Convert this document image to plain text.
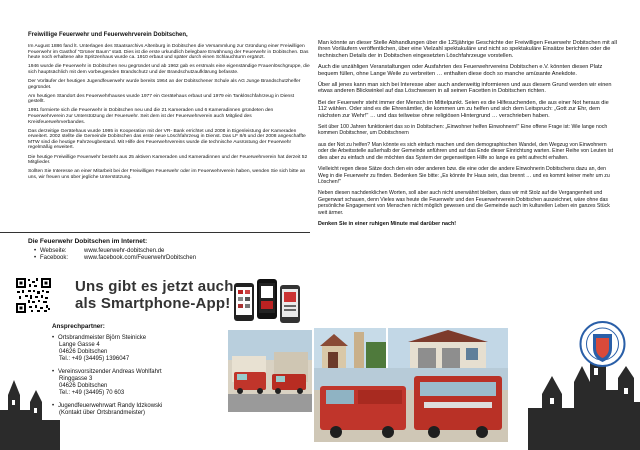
Freiwillige Feuerwehr und Feuerwehrverein Dobitschen,

Im August 1886 fand lt. Unterlagen des Staatsarchivs Altenburg in Dobitschen die Versammlung zur Gründung einer Freiwilligen Feuerwehr im Gasthof "Grüner Baum" statt. Dies ist die erste urkundlich belegbare Erwähnung der Feuerwehr in Dobitschen. Das heute noch erhaltene alte Spritzenhaus wurde ca. 1910 erbaut und später durch einen Schlauchturm ergänzt.

1946 wurde die Feuerwehr in Dobitschen neu gegründet und ab 1962 gab es erstmals eine eigenständige Frauenlöschgruppe, die sich hauptsächlich mit dem vorbeugenden Brandschutz und der Brandschutzaufklärung befasste.

Der Vorläufer der heutigen Jugendfeuerwehr wurde bereits 1964 an der Dobitschener Schule als AG Junge Brandschutzhelfer gegründet.

Am heutigen Standort des Feuerwehrhauses wurde 1977 ein Gerätehaus erbaut und 1979 ein Tanklöschfahrzeug in Dienst gestellt.

1991 formierte sich die Feuerwehr in Dobitschen neu und die 21 Kameraden und 6 Kameradinnen gründeten den Feuerwehrverein zur Unterstützung der Feuerwehr. Seit dem ist der Feuerwehrverein auch Mitglied des Kreisfeuerwehrverbandes.

Das derzeitige Gerätehaus wurde 1995 in Kooperation mit der VR- Bank errichtet und 2008 in Eigenleistung der Kameraden erweitert. 2002 stellte die Gemeinde Dobitschen das erste neue Löschfahrzeug in Dienst. Das LF 8/6 und der 2008 angeschaffte MTW sind die heutige Fahrzeugbestand. Mit Hilfe des Feuerwehrvereins wurde die technische Ausrüstung der Feuerwehr regelmäßig erweitert.

Die heutige Freiwillige Feuerwehr besteht aus 25 aktiven Kameraden und Kameradinnen und der Feuerwehrverein hat derzeit 52 Mitglieder.

Sollten Sie Interesse an einer Mitarbeit bei der Freiwilligen Feuerwehr oder im Feuerwehrverein haben, wenden Sie sich bitte an uns, wir freuen uns über jegliche Unterstützung.

Man könnte an dieser Stelle Abhandlungen über die 125jährige Geschichte der Freiwilligen Feuerwehr Dobitschen mit all ihren Vorläufern veröffentlichen, über eine Vielzahl spektakuläre und nicht so spektakuläre Einsätze berichten oder die technischen Details der in Dobitschen eingesetzten Löschfahrzeuge vorstellen.

Auch die unzähligen Veranstaltungen oder Ausfahrten des Feuerwehrvereins Dobitschen e.V. könnten diesen Platz bequem füllen, ohne Lange Weile zu verbreiten … enthalten diese doch so manche amüsante Anekdote.

Über all jenes kann man sich bei Interesse aber auch anderweitig informieren und aus diesem Grund werden wir einen etwas anderen Blickwinkel auf das Löschwesen in all seinen Facetten in Dobitschen richten.

Bei der Feuerwehr steht immer der Mensch im Mittelpunkt. Seien es die Hilfesuchenden, die aus einer Not heraus die 112 wählen. Oder sind es die Ehrenämtler, die kommen um zu helfen und sich dem Leitspruch: „Gott zur Ehr, dem nächsten zur Wehr!" … und das teilweise ohne religiösen Hintergrund … verschrieben haben.

Seit über 100 Jahren funktioniert das so in Dobitschen: „Einwohner helfen Einwohnern!" Eine offene Frage ist: Wie lange noch kommen Dobitschner, um Dobitschnern

aus der Not zu helfen? Man könnte es sich einfach machen und den demographischen Wandel, den Wegzug von Einwohnern oder die Arbeitsstelle außerhalb der Gemeinde anführen und auf das Ende dieser Einrichtung warten. Einer Reihe von Leuten ist dies aber zu einfach und die möchten das System der gegenseitigen Hilfe so lange es geht aufrecht erhalten.

Vielleicht regen diese Sätze doch den ein oder anderen bzw. die eine oder die andere Einwohnerin Dobitschens dazu an, den Weg in die Feuerwehr zu finden. Bedenken Sie bitte: „Es könnte Ihr Haus sein, das brennt … und es kommt keiner mehr um zu Löschen!"

Neben diesen nachdenklichen Worten, soll aber auch nicht unerwähnt bleiben, dass wir mit Stolz auf die Vergangenheit und Gegenwart schauen, denn Vieles was heute die Feuerwehr und den Feuerwehrverein Dobitschen auszeichnet, wäre ohne das persönliche Engagement von Menschen nicht möglich gewesen und die Gemeinde auch im kulturellen Leben ein ganzes Stück weit ärmer.

Denken Sie in einer ruhigen Minute mal darüber nach!

Die Feuerwehr Dobitschen im Internet:
• Webseite:	www.feuerwehr-dobitschen.de
• Facebook:	www.facebook.com/FeuerwehrDobitschen
Uns gibt es jetzt auch
als Smartphone-App!
Ansprechpartner:
• Ortsbrandmeister Björn Steinicke
Lange Gasse 4
04626 Dobitschen
Tel.: +49 (34495) 1396047
• Vereinsvorsitzender Andreas Wohlfahrt
Ringgasse 3
04626 Dobitschen
Tel.: +49 (34495) 70 603
• Jugendfeuerwehrwart Randy Idzkowski
(Kontakt über Ortsbrandmeister)
